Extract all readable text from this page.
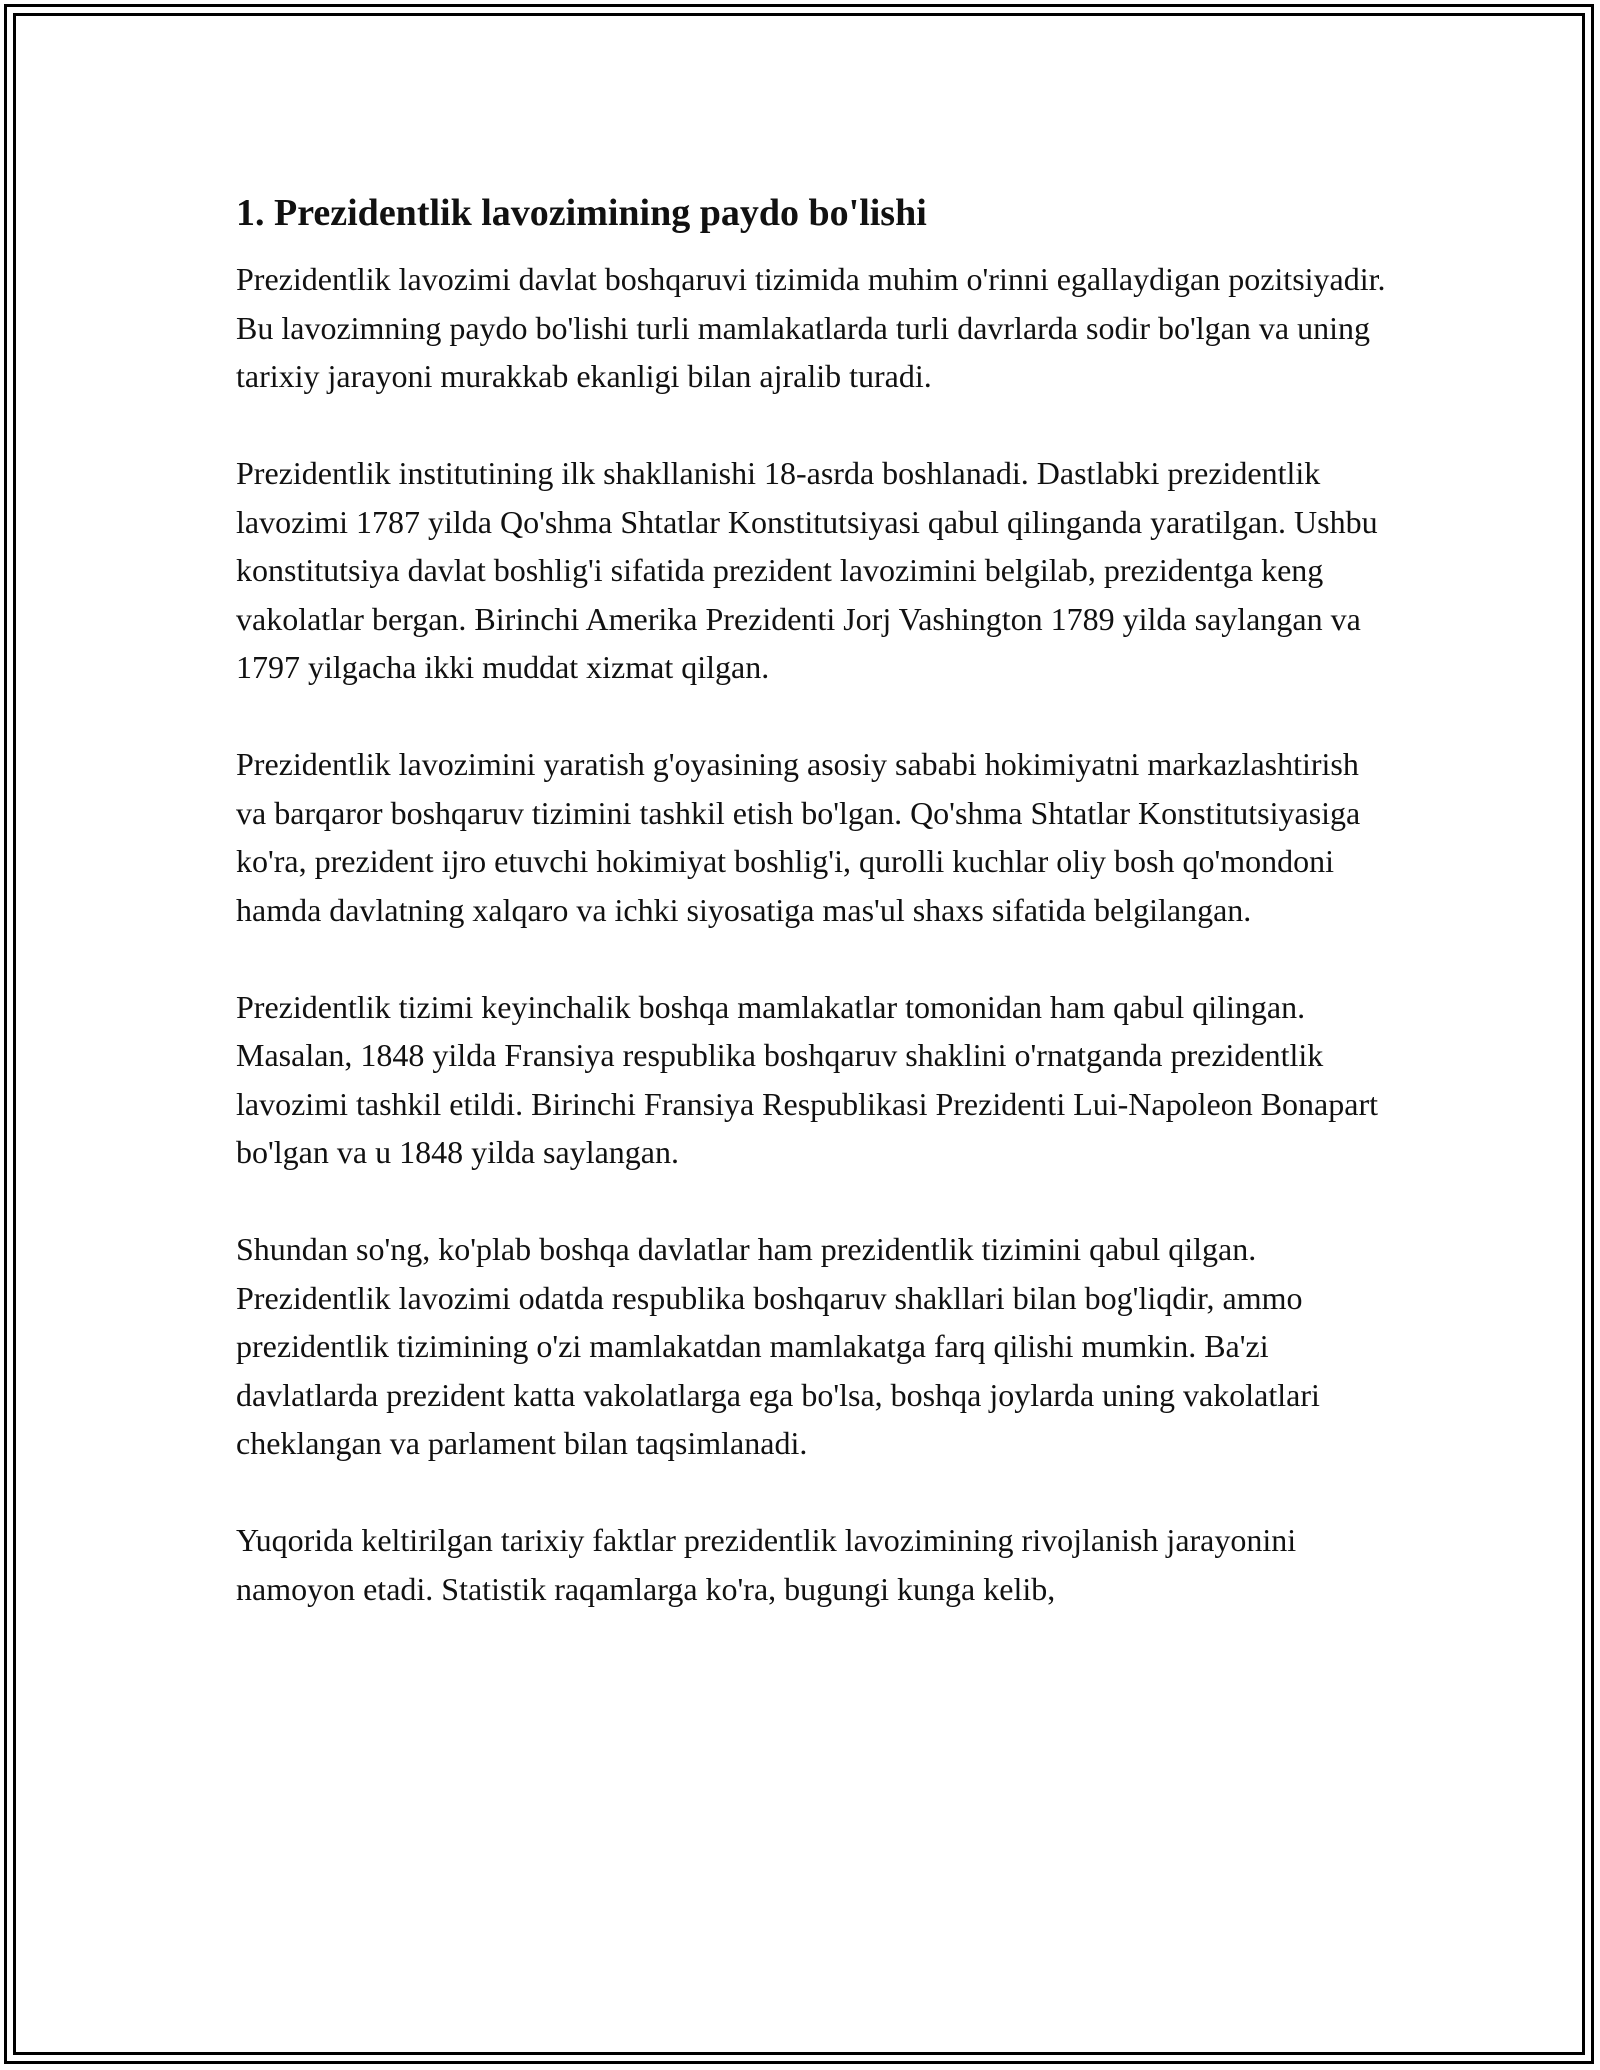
1. Prezidentlik lavozimining paydo bo'lishi

Prezidentlik lavozimi davlat boshqaruvi tizimida muhim o'rinni egallaydigan pozitsiyadir. Bu lavozimning paydo bo'lishi turli mamlakatlarda turli davrlarda sodir bo'lgan va uning tarixiy jarayoni murakkab ekanligi bilan ajralib turadi.

Prezidentlik institutining ilk shakllanishi 18-asrda boshlanadi. Dastlabki prezidentlik lavozimi 1787 yilda Qo'shma Shtatlar Konstitutsiyasi qabul qilinganda yaratilgan. Ushbu konstitutsiya davlat boshlig'i sifatida prezident lavozimini belgilab, prezidentga keng vakolatlar bergan. Birinchi Amerika Prezidenti Jorj Vashington 1789 yilda saylangan va 1797 yilgacha ikki muddat xizmat qilgan.

Prezidentlik lavozimini yaratish g'oyasining asosiy sababi hokimiyatni markazlashtirish va barqaror boshqaruv tizimini tashkil etish bo'lgan. Qo'shma Shtatlar Konstitutsiyasiga ko'ra, prezident ijro etuvchi hokimiyat boshlig'i, qurolli kuchlar oliy bosh qo'mondoni hamda davlatning xalqaro va ichki siyosatiga mas'ul shaxs sifatida belgilangan.

Prezidentlik tizimi keyinchalik boshqa mamlakatlar tomonidan ham qabul qilingan. Masalan, 1848 yilda Fransiya respublika boshqaruv shaklini o'rnatganda prezidentlik lavozimi tashkil etildi. Birinchi Fransiya Respublikasi Prezidenti Lui-Napoleon Bonapart bo'lgan va u 1848 yilda saylangan.

Shundan so'ng, ko'plab boshqa davlatlar ham prezidentlik tizimini qabul qilgan. Prezidentlik lavozimi odatda respublika boshqaruv shakllari bilan bog'liqdir, ammo prezidentlik tizimining o'zi mamlakatdan mamlakatga farq qilishi mumkin. Ba'zi davlatlarda prezident katta vakolatlarga ega bo'lsa, boshqa joylarda uning vakolatlari cheklangan va parlament bilan taqsimlanadi.

Yuqorida keltirilgan tarixiy faktlar prezidentlik lavozimining rivojlanish jarayonini namoyon etadi. Statistik raqamlarga ko'ra, bugungi kunga kelib,
